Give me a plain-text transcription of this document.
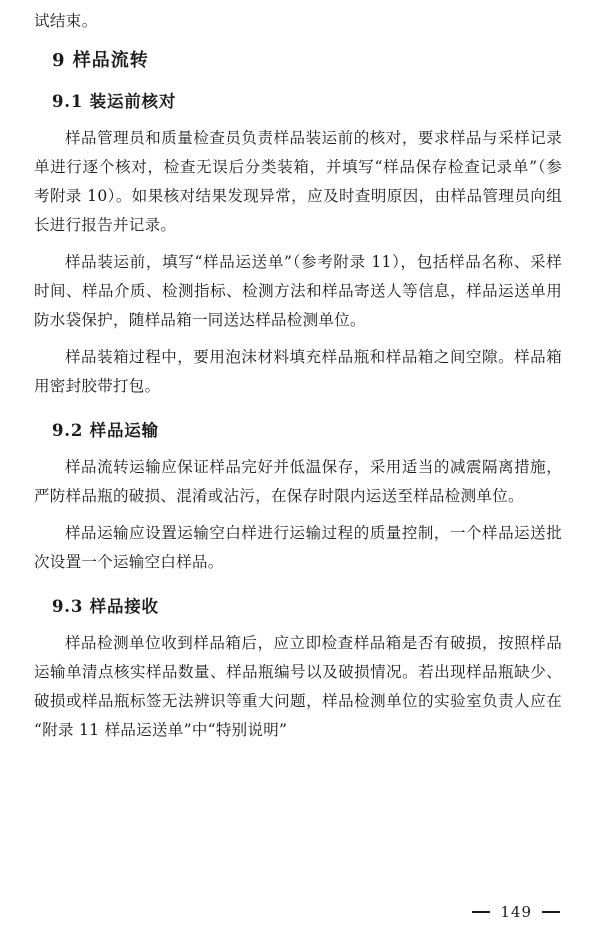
试结束。

9 样品流转
9.1 装运前核对

样品管理员和质量检查员负责样品装运前的核对，要求样品与采样记录单进行逐个核对，检查无误后分类装箱，并填写“样品保存检查记录单”（参考附录 10）。如果核对结果发现异常，应及时查明原因，由样品管理员向组长进行报告并记录。

样品装运前，填写“样品运送单”（参考附录 11），包括样品名称、采样时间、样品介质、检测指标、检测方法和样品寄送人等信息，样品运送单用防水袋保护，随样品箱一同送达样品检测单位。

样品装箱过程中，要用泡沫材料填充样品瓶和样品箱之间空隙。样品箱用密封胶带打包。

9.2 样品运输

样品流转运输应保证样品完好并低温保存，采用适当的减震隔离措施，严防样品瓶的破损、混淆或沾污，在保存时限内运送至样品检测单位。

样品运输应设置运输空白样进行运输过程的质量控制，一个样品运送批次设置一个运输空白样品。

9.3 样品接收

样品检测单位收到样品箱后，应立即检查样品箱是否有破损，按照样品运输单清点核实样品数量、样品瓶编号以及破损情况。若出现样品瓶缺少、破损或样品瓶标签无法辨识等重大问题，样品检测单位的实验室负责人应在“附录 11 样品运送单”中“特别说明”

149
